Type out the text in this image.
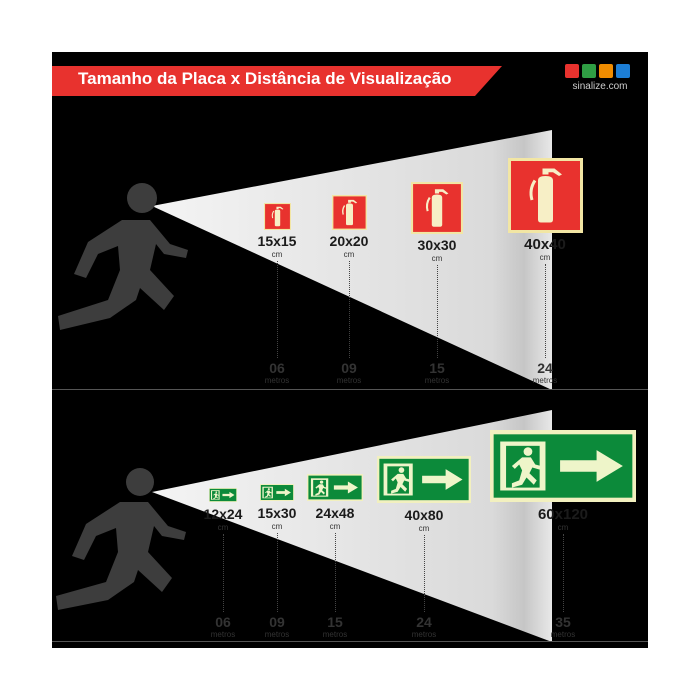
Tamanho da Placa x Distância de Visualização	sinalize.com
15x15
cm
06
metros
20x20
cm
09
metros
30x30
cm
15
metros
40x40
cm
24
metros
12x24
cm
06
metros
15x30
cm
09
metros
24x48
cm
15
metros
40x80
cm
24
metros
60x120
cm
35
metros
